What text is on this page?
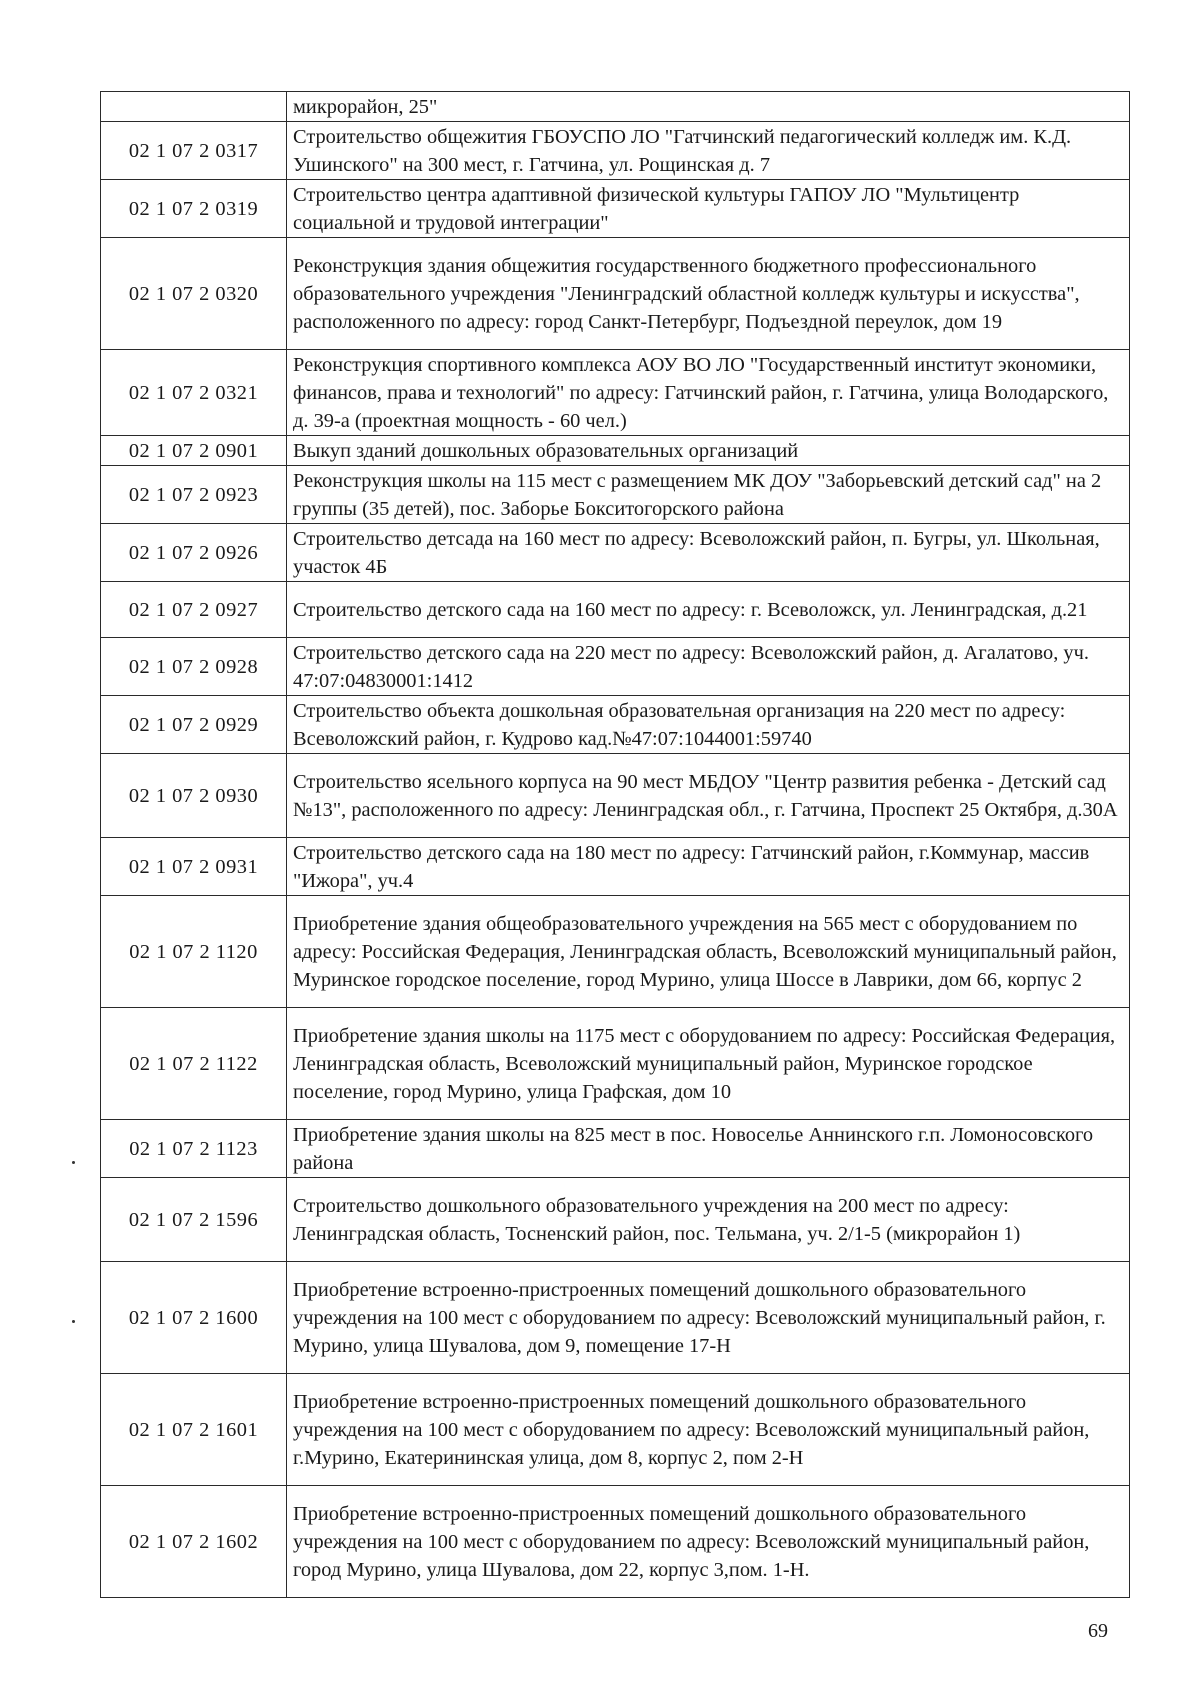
	микрорайон, 25"
02 1 07 2 0317	Строительство общежития ГБОУСПО ЛО "Гатчинский педагогический колледж им. К.Д. Ушинского" на 300 мест, г. Гатчина, ул. Рощинская д. 7
02 1 07 2 0319	Строительство центра адаптивной физической культуры ГАПОУ ЛО "Мультицентр социальной и трудовой интеграции"
02 1 07 2 0320	Реконструкция здания общежития государственного бюджетного профессионального образовательного учреждения "Ленинградский областной колледж культуры и искусства", расположенного по адресу: город Санкт-Петербург, Подъездной переулок, дом 19
02 1 07 2 0321	Реконструкция спортивного комплекса АОУ ВО ЛО "Государственный институт экономики, финансов, права и технологий" по адресу: Гатчинский район, г. Гатчина, улица Володарского, д. 39-а (проектная мощность - 60 чел.)
02 1 07 2 0901	Выкуп зданий дошкольных образовательных организаций
02 1 07 2 0923	Реконструкция школы на 115 мест с размещением МК ДОУ "Заборьевский детский сад" на 2 группы (35 детей), пос. Заборье Бокситогорского района
02 1 07 2 0926	Строительство детсада на 160 мест по адресу: Всеволожский район, п. Бугры, ул. Школьная, участок 4Б
02 1 07 2 0927	Строительство детского сада на 160 мест по адресу: г. Всеволожск, ул. Ленинградская, д.21
02 1 07 2 0928	Строительство детского сада на 220 мест по адресу: Всеволожский район, д. Агалатово, уч. 47:07:04830001:1412
02 1 07 2 0929	Строительство объекта дошкольная образовательная организация на 220 мест по адресу: Всеволожский район, г. Кудрово кад.№47:07:1044001:59740
02 1 07 2 0930	Строительство ясельного корпуса на 90 мест МБДОУ "Центр развития ребенка - Детский сад №13", расположенного по адресу: Ленинградская обл., г. Гатчина, Проспект 25 Октября, д.30А
02 1 07 2 0931	Строительство детского сада на 180 мест по адресу: Гатчинский район, г.Коммунар, массив "Ижора", уч.4
02 1 07 2 1120	Приобретение здания общеобразовательного учреждения на 565 мест с оборудованием по адресу: Российская Федерация, Ленинградская область, Всеволожский муниципальный район, Муринское городское поселение, город Мурино, улица Шоссе в Лаврики, дом 66, корпус 2
02 1 07 2 1122	Приобретение здания школы на 1175 мест с оборудованием по адресу: Российская Федерация, Ленинградская область, Всеволожский муниципальный район, Муринское городское поселение, город Мурино, улица Графская, дом 10
02 1 07 2 1123	Приобретение здания школы на 825 мест в пос. Новоселье Аннинского г.п. Ломоносовского района
02 1 07 2 1596	Строительство дошкольного образовательного учреждения на 200 мест по адресу: Ленинградская область, Тосненский район, пос. Тельмана, уч. 2/1-5 (микрорайон 1)
02 1 07 2 1600	Приобретение встроенно-пристроенных помещений дошкольного образовательного учреждения на 100 мест с оборудованием по адресу: Всеволожский муниципальный район, г. Мурино, улица Шувалова, дом 9, помещение 17-Н
02 1 07 2 1601	Приобретение встроенно-пристроенных помещений дошкольного образовательного учреждения на 100 мест с оборудованием по адресу: Всеволожский муниципальный район, г.Мурино, Екатерининская улица, дом 8, корпус 2, пом 2-Н
02 1 07 2 1602	Приобретение встроенно-пристроенных помещений дошкольного образовательного учреждения на 100 мест с оборудованием по адресу: Всеволожский муниципальный район, город Мурино, улица Шувалова, дом 22, корпус 3,пом. 1-Н.
69
